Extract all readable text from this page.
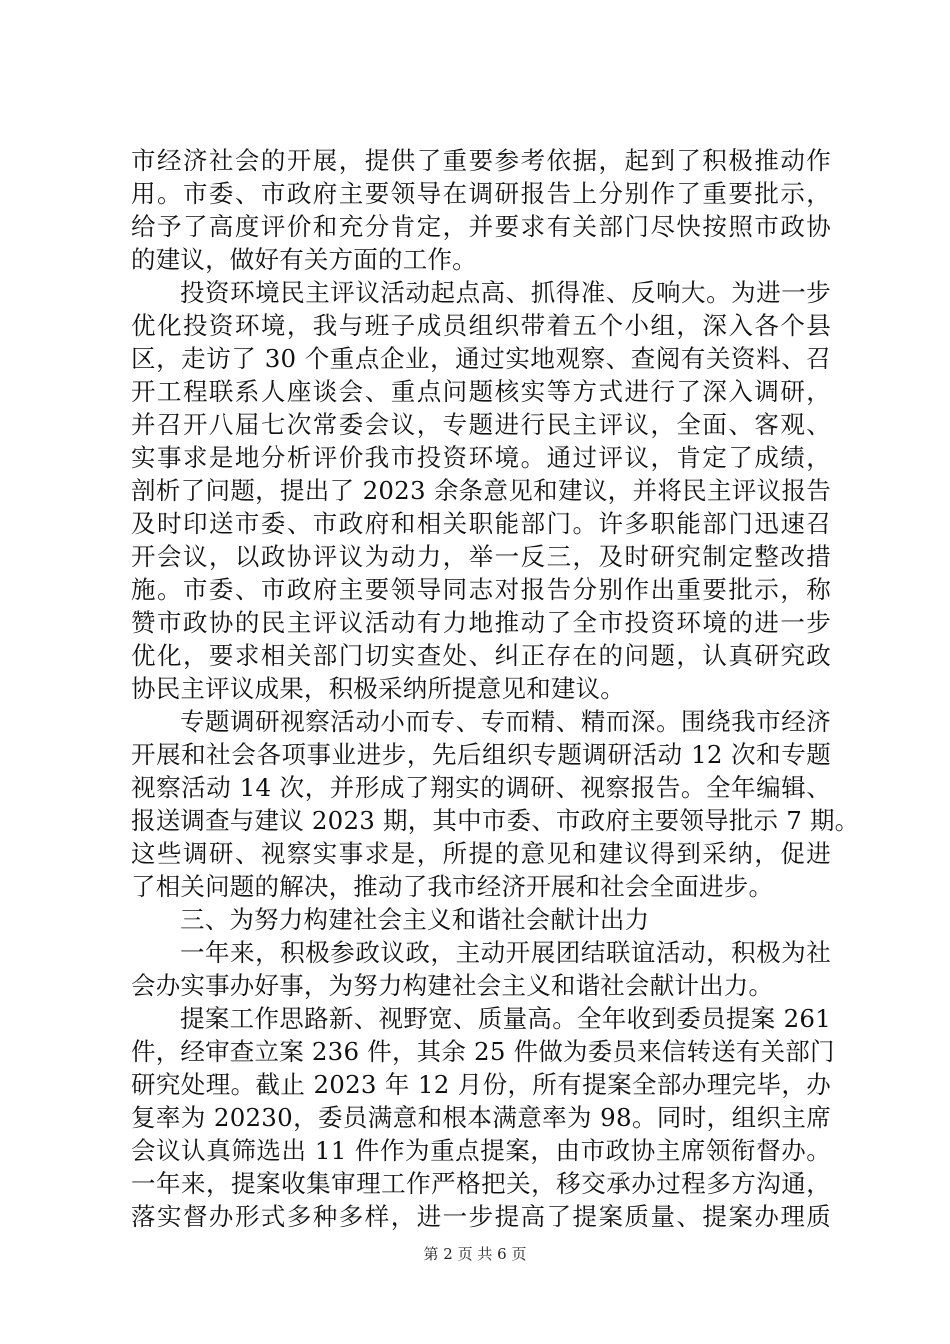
市经济社会的开展，提供了重要参考依据，起到了积极推动作
用。市委、市政府主要领导在调研报告上分别作了重要批示，
给予了高度评价和充分肯定，并要求有关部门尽快按照市政协
的建议，做好有关方面的工作。
投资环境民主评议活动起点高、抓得准、反响大。为进一步
优化投资环境，我与班子成员组织带着五个小组，深入各个县
区，走访了 30 个重点企业，通过实地观察、查阅有关资料、召
开工程联系人座谈会、重点问题核实等方式进行了深入调研，
并召开八届七次常委会议，专题进行民主评议，全面、客观、
实事求是地分析评价我市投资环境。通过评议，肯定了成绩，
剖析了问题，提出了 2023 余条意见和建议，并将民主评议报告
及时印送市委、市政府和相关职能部门。许多职能部门迅速召
开会议，以政协评议为动力，举一反三，及时研究制定整改措
施。市委、市政府主要领导同志对报告分别作出重要批示，称
赞市政协的民主评议活动有力地推动了全市投资环境的进一步
优化，要求相关部门切实查处、纠正存在的问题，认真研究政
协民主评议成果，积极采纳所提意见和建议。
专题调研视察活动小而专、专而精、精而深。围绕我市经济
开展和社会各项事业进步，先后组织专题调研活动 12 次和专题
视察活动 14 次，并形成了翔实的调研、视察报告。全年编辑、
报送调查与建议 2023 期，其中市委、市政府主要领导批示 7 期。
这些调研、视察实事求是，所提的意见和建议得到采纳，促进
了相关问题的解决，推动了我市经济开展和社会全面进步。
三、为努力构建社会主义和谐社会献计出力
一年来，积极参政议政，主动开展团结联谊活动，积极为社
会办实事办好事，为努力构建社会主义和谐社会献计出力。
提案工作思路新、视野宽、质量高。全年收到委员提案 261
件，经审查立案 236 件，其余 25 件做为委员来信转送有关部门
研究处理。截止 2023 年 12 月份，所有提案全部办理完毕，办
复率为 20230，委员满意和根本满意率为 98。同时，组织主席
会议认真筛选出 11 件作为重点提案，由市政协主席领衔督办。
一年来，提案收集审理工作严格把关，移交承办过程多方沟通，
落实督办形式多种多样，进一步提高了提案质量、提案办理质
第 2 页 共 6 页
